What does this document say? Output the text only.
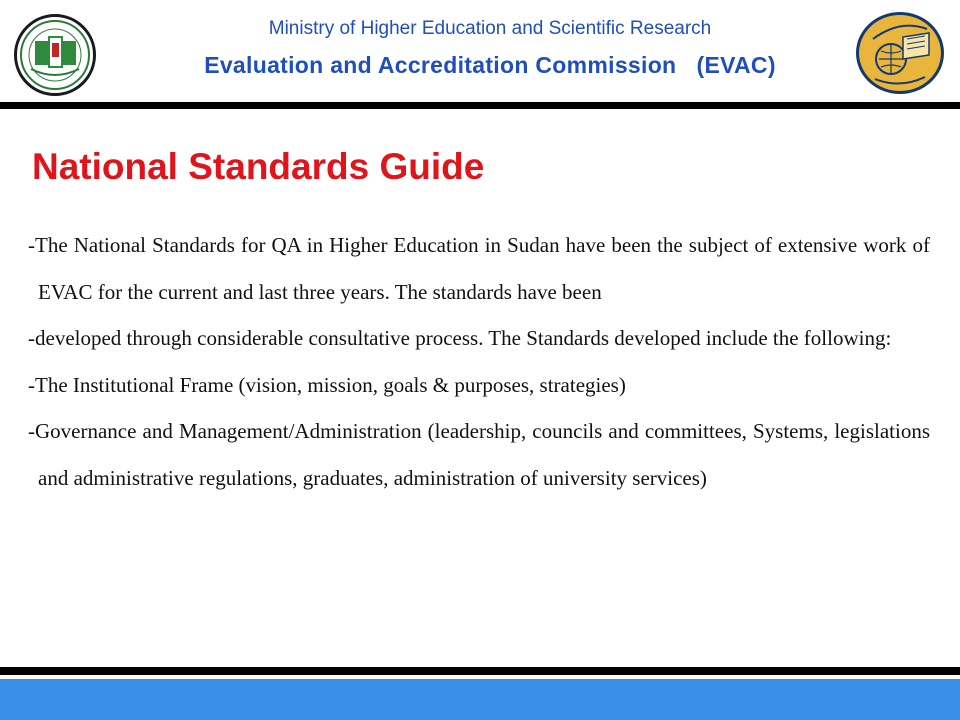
Ministry of Higher Education and Scientific Research
Evaluation and Accreditation Commission   (EVAC)
National Standards Guide

-The National Standards for QA in Higher Education in Sudan have been the subject of extensive work of EVAC for the current and last three years. The standards have been

-developed through considerable consultative process. The Standards developed include the following:

-The Institutional Frame (vision, mission, goals & purposes, strategies)

-Governance and Management/Administration (leadership, councils and committees, Systems, legislations and administrative regulations, graduates, administration of university services)
